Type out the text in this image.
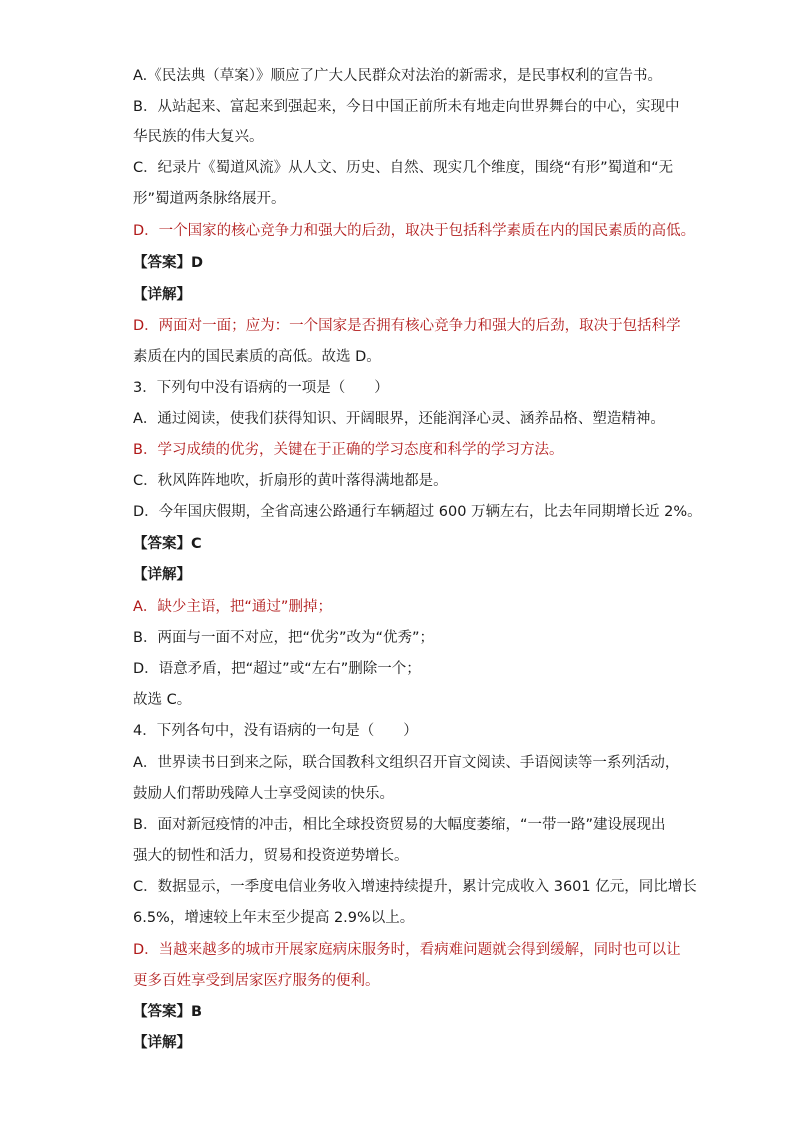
A.《民法典（草案）》顺应了广大人民群众对法治的新需求，是民事权利的宣告书。
B．从站起来、富起来到强起来，今日中国正前所未有地走向世界舞台的中心，实现中
华民族的伟大复兴。
C．纪录片《蜀道风流》从人文、历史、自然、现实几个维度，围绕“有形”蜀道和“无
形”蜀道两条脉络展开。
D．一个国家的核心竞争力和强大的后劲，取决于包括科学素质在内的国民素质的高低。
【答案】D
【详解】
D．两面对一面；应为：一个国家是否拥有核心竞争力和强大的后劲，取决于包括科学
素质在内的国民素质的高低。故选 D。
3．下列句中没有语病的一项是（　　）
A．通过阅读，使我们获得知识、开阔眼界，还能润泽心灵、涵养品格、塑造精神。
B．学习成绩的优劣，关键在于正确的学习态度和科学的学习方法。
C．秋风阵阵地吹，折扇形的黄叶落得满地都是。
D．今年国庆假期，全省高速公路通行车辆超过 600 万辆左右，比去年同期增长近 2%。
【答案】C
【详解】
A．缺少主语，把“通过”删掉；
B．两面与一面不对应，把“优劣”改为“优秀”；
D．语意矛盾，把“超过”或“左右”删除一个；
故选 C。
4．下列各句中，没有语病的一句是（　　）
A．世界读书日到来之际，联合国教科文组织召开盲文阅读、手语阅读等一系列活动，
鼓励人们帮助残障人士享受阅读的快乐。
B．面对新冠疫情的冲击，相比全球投资贸易的大幅度萎缩，“一带一路”建设展现出
强大的韧性和活力，贸易和投资逆势增长。
C．数据显示，一季度电信业务收入增速持续提升，累计完成收入 3601 亿元，同比增长
6.5%，增速较上年末至少提高 2.9%以上。
D．当越来越多的城市开展家庭病床服务时，看病难问题就会得到缓解，同时也可以让
更多百姓享受到居家医疗服务的便利。
【答案】B
【详解】
